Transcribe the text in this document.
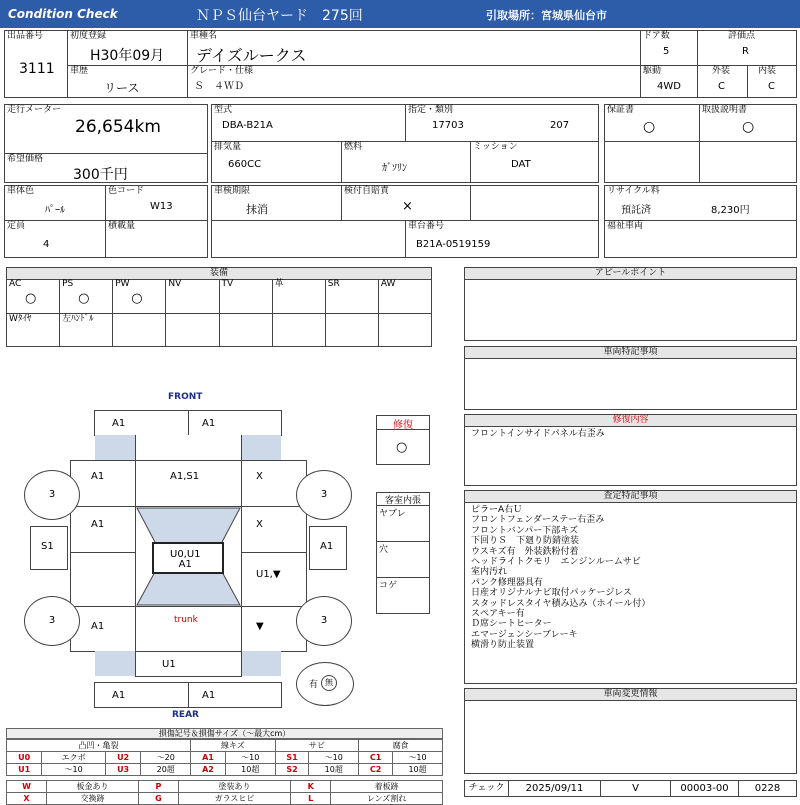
Condition Check	ＮＰＳ仙台ヤード　275回	引取場所：宮城県仙台市
出品番号
3111
初度登録
H30年09月
車歴
リース
車種名
デイズルークス
グレード・仕様
Ｓ　４ＷＤ
ドア数
5
駆動
4WD
評価点
R
外装
C
内装
C
走行メーター
26,654km
希望価格
300千円
型式
DBA-B21A
指定・類別
17703	207
排気量
660CC
燃料
ｶﾞｿﾘﾝ
ミッション
DAT
保証書
○
取扱説明書
○
車体色
ﾊﾟｰﾙ
色コード
W13
定員
4
積載量
車検期限
抹消
検付自賠責
×
車台番号
B21A-0519159
リサイクル料
預託済	8,230円
福祉車両
装備
AC
○
PS
○
PW
○
NV	TV	革	SR	AW
Wﾀｲﾔ	左ﾊﾝﾄﾞﾙ
FRONT
REAR
A1	A1
A1	A1,S1	X
A1	X
U1,▼
U0,U1
A1
S1	A1
A1
trunk
▼
U1
A1	A1
3	3
3	3
有 無
修復
○
客室内張
ヤブレ
穴
コゲ
アピールポイント
車両特記事項
修復内容
フロントインサイドパネル右歪み
査定特記事項
ピラーA右Ｕ
フロントフェンダーステー右歪み
フロントバンパー下部キズ
下回りＳ　下廻り防錆塗装
ウスキズ有　外装鉄粉付着
ヘッドライトクモリ　エンジンルームサビ
室内汚れ
パンク修理器具有
日産オリジナルナビ取付パッケージレス
スタッドレスタイヤ積み込み（ホイール付）
スペアキー有
Ｄ席シートヒーター
エマージェンシーブレーキ
横滑り防止装置
車両変更情報
チェック	2025/09/11	V	00003-00	0228
損傷記号＆損傷サイズ（〜最大cm）
凸凹・亀裂				線キズ		サビ		腐食	
U0	エクボ	U2	〜20	A1	〜10	S1	〜10	C1	〜10
U1	〜10	U3	20超	A2	10超	S2	10超	C2	10超
W	板金あり	P	塗装あり	K	着板跡
X	交換跡	G	ガラスヒビ	L	レンズ割れ
